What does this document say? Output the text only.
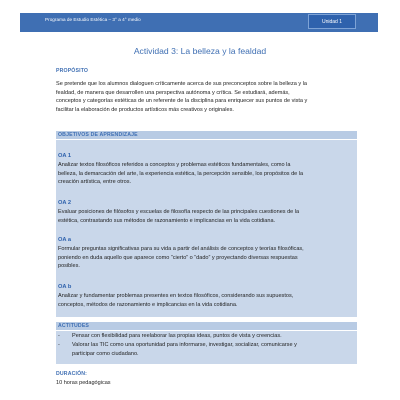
Programa de Estudio Estética – 3° a 4° medio	Unidad 1
Actividad 3: La belleza y la fealdad
PROPÓSITO
Se pretende que los alumnos dialoguen críticamente acerca de sus preconceptos sobre la belleza y la
fealdad, de manera que desarrollen una perspectiva autónoma y crítica. Se estudiará, además,
conceptos y categorías estéticas de un referente de la disciplina para enriquecer sus puntos de vista y
facilitar la elaboración de productos artísticos más creativos y originales.
OBJETIVOS DE APRENDIZAJE
OA 1
Analizar textos filosóficos referidos a conceptos y problemas estéticos fundamentales, como la
belleza, la demarcación del arte, la experiencia estética, la percepción sensible, los propósitos de la
creación artística, entre otros.
OA 2
Evaluar posiciones de filósofos y escuelas de filosofía respecto de las principales cuestiones de la
estética, contrastando sus métodos de razonamiento e implicancias en la vida cotidiana.
OA a
Formular preguntas significativas para su vida a partir del análisis de conceptos y teorías filosóficas,
poniendo en duda aquello que aparece como “cierto” o “dado” y proyectando diversas respuestas
posibles.
OA b
Analizar y fundamentar problemas presentes en textos filosóficos, considerando sus supuestos,
conceptos, métodos de razonamiento e implicancias en la vida cotidiana.
ACTITUDES
- Pensar con flexibilidad para reelaborar las propias ideas, puntos de vista y creencias.
- Valorar las TIC como una oportunidad para informarse, investigar, socializar, comunicarse y
participar como ciudadano.
DURACIÓN:
10 horas pedagógicas
